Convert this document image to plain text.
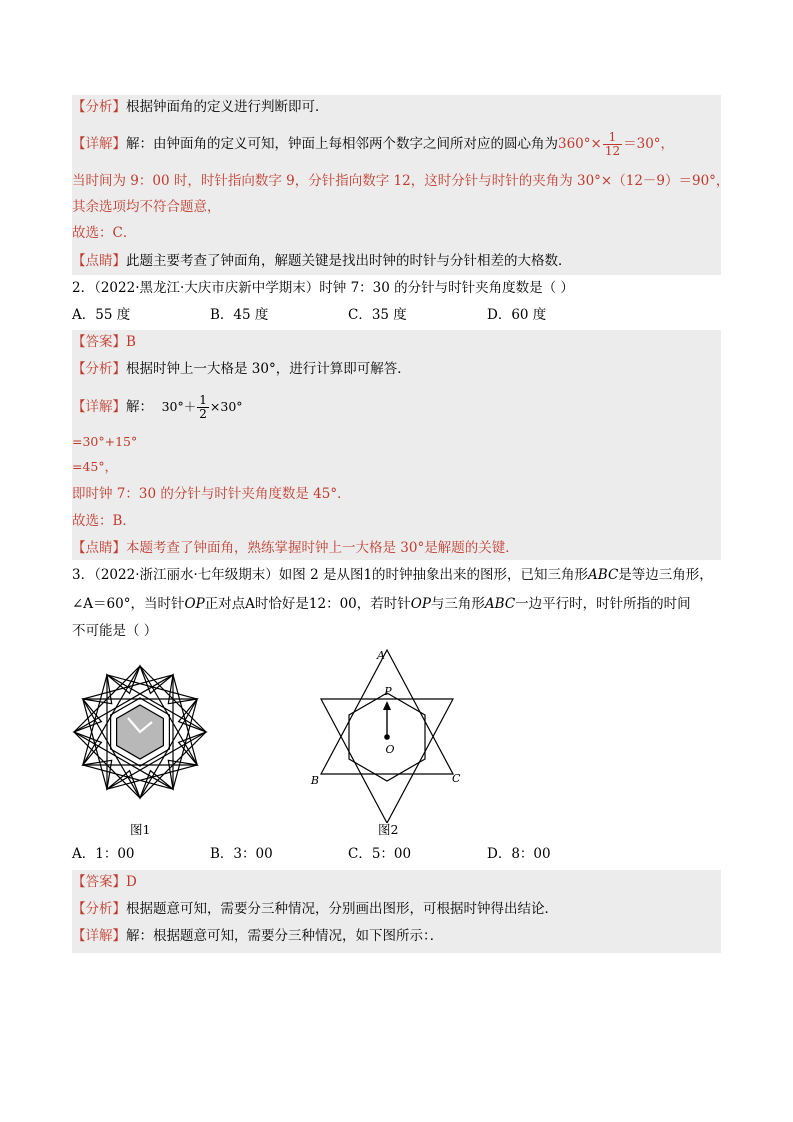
【分析】根据钟面角的定义进行判断即可．
【详解】解：由钟面角的定义可知，钟面上每相邻两个数字之间所对应的圆心角为$360^\circ\times \frac{1}{12} =30^\circ$，
当时间为 9：00 时，时针指向数字 9，分针指向数字 12，这时分针与时针的夹角为 30°×（12－9）＝90°，
其余选项均不符合题意，
故选：C．
【点睛】此题主要考查了钟面角，解题关键是找出时钟的时针与分针相差的大格数．
2．（2022·黑龙江·大庆市庆新中学期末）时钟 7：30 的分针与时针夹角度数是（ ）
A．55 度	B．45 度	C．35 度	D．60 度
【答案】B
【分析】根据时钟上一大格是 30°，进行计算即可解答．
【详解】解： $30^\circ+ \frac{1}{2} \times 30^\circ$
=30°+15°
=45°，
即时钟 7：30 的分针与时针夹角度数是 45°．
故选：B．
【点睛】本题考查了钟面角，熟练掌握时钟上一大格是 30°是解题的关键．
3．（2022·浙江丽水·七年级期末）如图 2 是从图1的时钟抽象出来的图形，已知三角形ABC是等边三角形，
∠A＝60°，当时针OP正对点A时恰好是12：00，若时针OP与三角形ABC一边平行时，时针所指的时间
不可能是（ ）
图1
A
P
O
B	C
图2
A．1：00	B．3：00	C．5：00	D．8：00
【答案】D
【分析】根据题意可知，需要分三种情况，分别画出图形，可根据时钟得出结论．
【详解】解：根据题意可知，需要分三种情况，如下图所示：．
